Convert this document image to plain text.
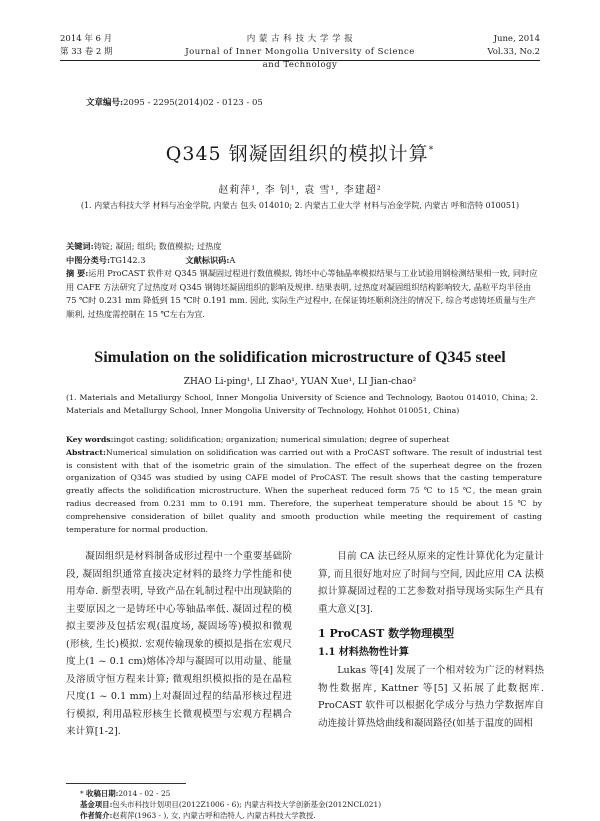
2014 年 6 月
第 33 卷 2 期
内 蒙 古 科 技 大 学 学 报
Journal of Inner Mongolia University of Science and Technology
June, 2014
Vol.33, No.2
文章编号:2095 - 2295(2014)02 - 0123 - 05
Q345 钢凝固组织的模拟计算*
赵莉萍¹, 李 钊¹, 袁 雪¹, 李建超²
(1. 内蒙古科技大学 材料与冶金学院, 内蒙古 包头 014010; 2. 内蒙古工业大学 材料与冶金学院, 内蒙古 呼和浩特 010051)
关键词:铸锭; 凝固; 组织; 数值模拟; 过热度
中图分类号:TG142.3	文献标识码:A
摘 要:运用 ProCAST 软件对 Q345 钢凝固过程进行数值模拟, 铸坯中心等轴晶率模拟结果与工业试验用钢检测结果相一致, 同时应用 CAFE 方法研究了过热度对 Q345 钢铸坯凝固组织的影响及规律. 结果表明, 过热度对凝固组织结构影响较大, 晶粒平均半径由 75 ℃时 0.231 mm 降低到 15 ℃时 0.191 mm. 因此, 实际生产过程中, 在保证铸坯顺利浇注的情况下, 综合考虑铸坯质量与生产顺利, 过热度需控制在 15 ℃左右为宜.
Simulation on the solidification microstructure of Q345 steel
ZHAO Li-ping¹, LI Zhao¹, YUAN Xue¹, LI Jian-chao²
(1. Materials and Metallurgy School, Inner Mongolia University of Science and Technology, Baotou 014010, China; 2. Materials and Metallurgy School, Inner Mongolia University of Technology, Hohhot 010051, China)
Key words:ingot casting; solidification; organization; numerical simulation; degree of superheat
Abstract:Numerical simulation on solidification was carried out with a ProCAST software. The result of industrial test is consistent with that of the isometric grain of the simulation. The effect of the superheat degree on the frozen organization of Q345 was studied by using CAFE model of ProCAST. The result shows that the casting temperature greatly affects the solidification microstructure. When the superheat reduced form 75 ℃ to 15 ℃, the mean grain radius decreased from 0.231 mm to 0.191 mm. Therefore, the superheat temperature should be about 15 ℃ by comprehensive consideration of billet quality and smooth production while meeting the requirement of casting temperature for normal production.

凝固组织是材料制备成形过程中一个重要基础阶段, 凝固组织通常直接决定材料的最终力学性能和使用寿命. 新型表明, 导致产品在轧制过程中出现缺陷的主要原因之一是铸坯中心等轴晶率低. 凝固过程的模拟主要涉及包括宏观(温度场, 凝固场等)模拟和微观(形核, 生长)模拟. 宏观传输现象的模拟是指在宏观尺度上(1 ~ 0.1 cm)熔体冷却与凝固可以用动量、能量及溶质守恒方程来计算; 微观组织模拟指的是在晶粒尺度(1 ~ 0.1 mm)上对凝固过程的结晶形核过程进行模拟, 利用晶粒形核生长微观模型与宏观方程耦合来计算[1-2].

目前 CA 法已经从原来的定性计算优化为定量计算, 而且很好地对应了时间与空间, 因此应用 CA 法模拟计算凝固过程的工艺参数对指导现场实际生产具有重大意义[3].

1 ProCAST 数学物理模型
1.1 材料热物性计算

Lukas 等[4] 发展了一个相对较为广泛的材料热物性数据库, Kattner 等[5] 又拓展了此数据库. ProCAST 软件可以根据化学成分与热力学数据库自动连接计算热焓曲线和凝固路径(如基于温度的固相

* 收稿日期:2014 - 02 - 25
基金项目:包头市科技计划项目(2012Z1006 - 6); 内蒙古科技大学创新基金(2012NCL021)
作者简介:赵莉萍(1963 - ), 女, 内蒙古呼和浩特人, 内蒙古科技大学教授.
